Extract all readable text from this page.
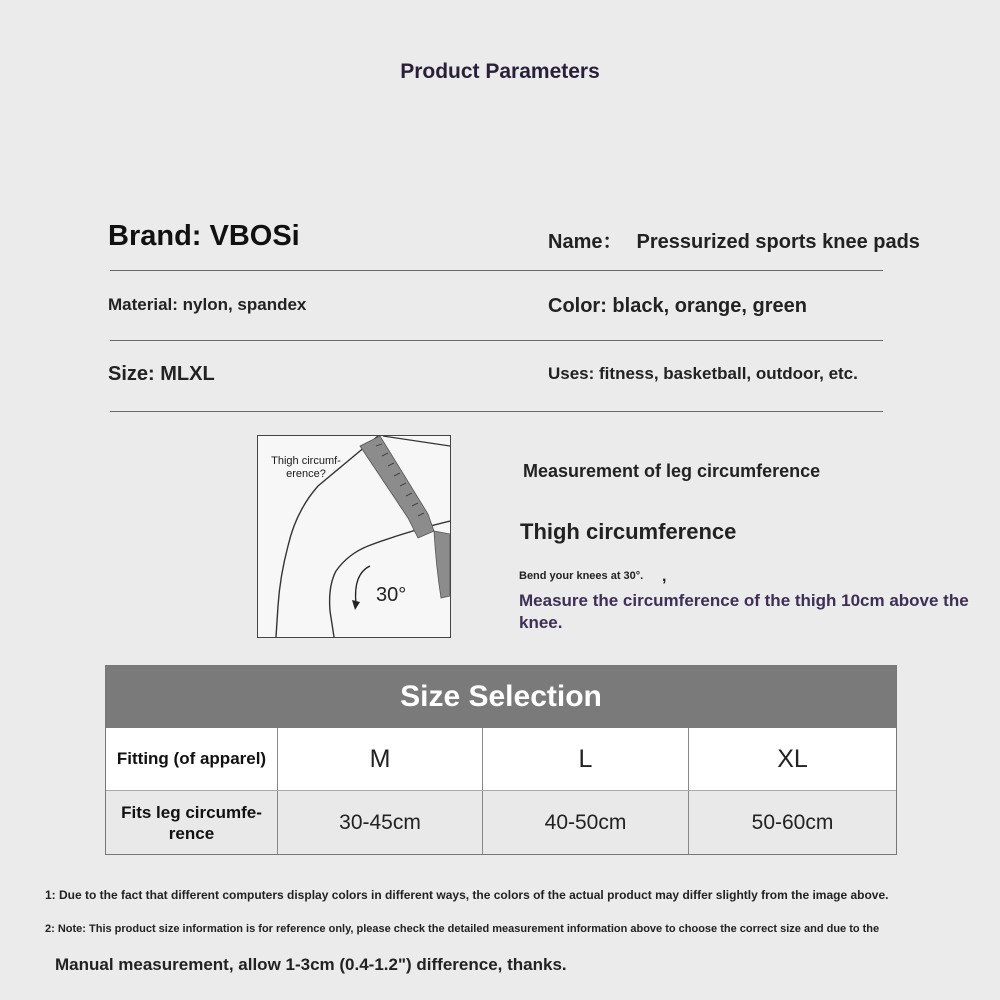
Product Parameters
Brand: VBOSi	Name： Pressurized sports knee pads
Material: nylon, spandex	Color: black, orange, green
Size: MLXL	Uses: fitness, basketball, outdoor, etc.
Thigh circumf-
erence?
30°
Measurement of leg circumference
Thigh circumference
Bend your knees at 30°. ,
Measure the circumference of the thigh 10cm above the knee.
Size Selection
Fitting (of apparel)	M	L	XL
Fits leg circumfe-
rence	30-45cm	40-50cm	50-60cm
1: Due to the fact that different computers display colors in different ways, the colors of the actual product may differ slightly from the image above.
2: Note: This product size information is for reference only, please check the detailed measurement information above to choose the correct size and due to the
Manual measurement, allow 1-3cm (0.4-1.2") difference, thanks.
